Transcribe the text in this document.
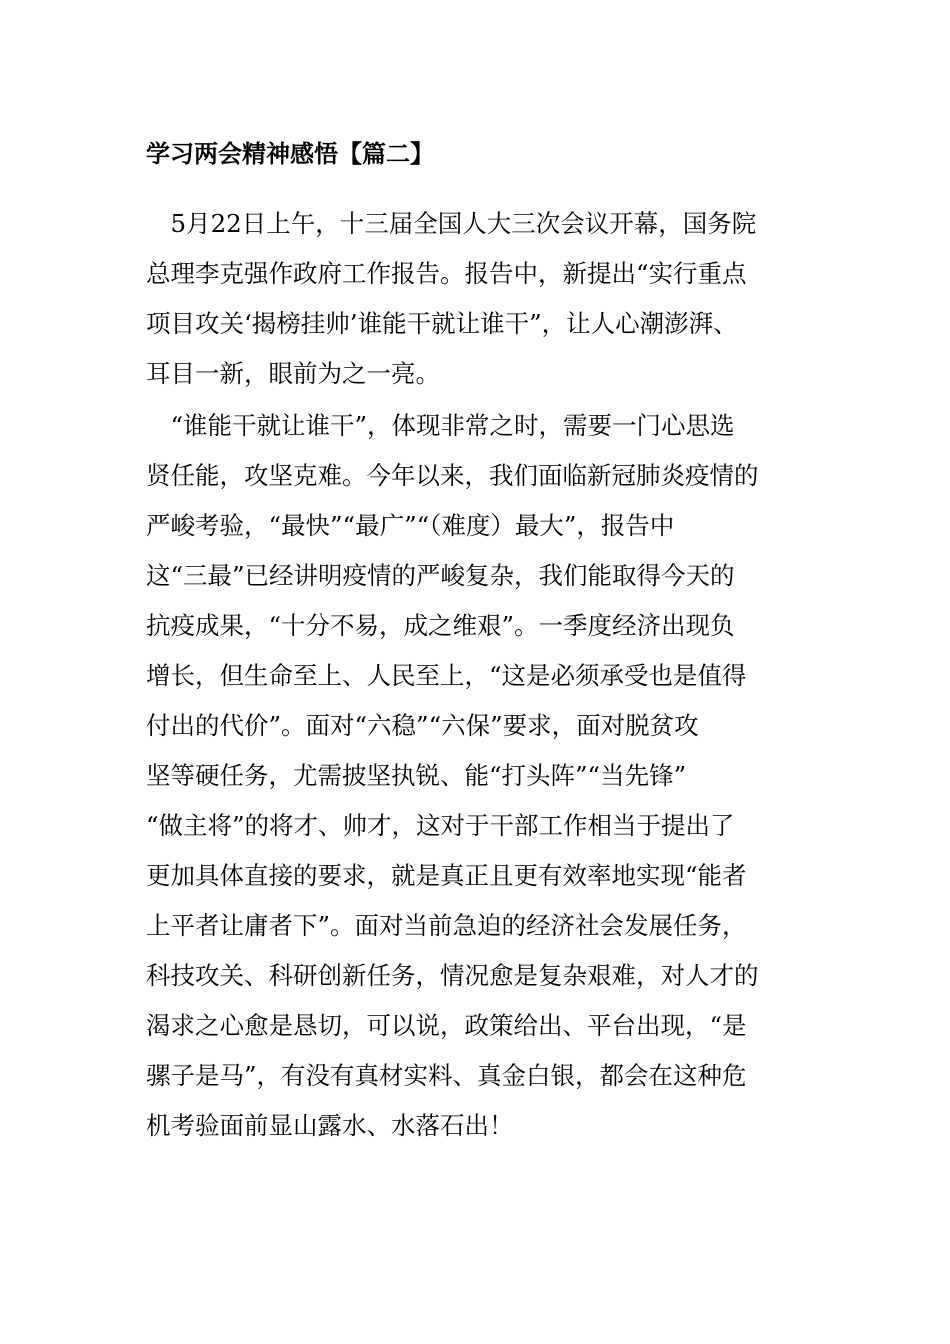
学习两会精神感悟【篇二】
　5月22日上午，十三届全国人大三次会议开幕，国务院
总理李克强作政府工作报告。报告中，新提出“实行重点
项目攻关‘揭榜挂帅’谁能干就让谁干”，让人心潮澎湃、
耳目一新，眼前为之一亮。
　“谁能干就让谁干”，体现非常之时，需要一门心思选
贤任能，攻坚克难。今年以来，我们面临新冠肺炎疫情的
严峻考验，“最快”“最广”“（难度）最大”，报告中
这“三最”已经讲明疫情的严峻复杂，我们能取得今天的
抗疫成果，“十分不易，成之维艰”。一季度经济出现负
增长，但生命至上、人民至上，“这是必须承受也是值得
付出的代价”。面对“六稳”“六保”要求，面对脱贫攻
坚等硬任务，尤需披坚执锐、能“打头阵”“当先锋”
“做主将”的将才、帅才，这对于干部工作相当于提出了
更加具体直接的要求，就是真正且更有效率地实现“能者
上平者让庸者下”。面对当前急迫的经济社会发展任务，
科技攻关、科研创新任务，情况愈是复杂艰难，对人才的
渴求之心愈是恳切，可以说，政策给出、平台出现，“是
骡子是马”，有没有真材实料、真金白银，都会在这种危
机考验面前显山露水、水落石出！
